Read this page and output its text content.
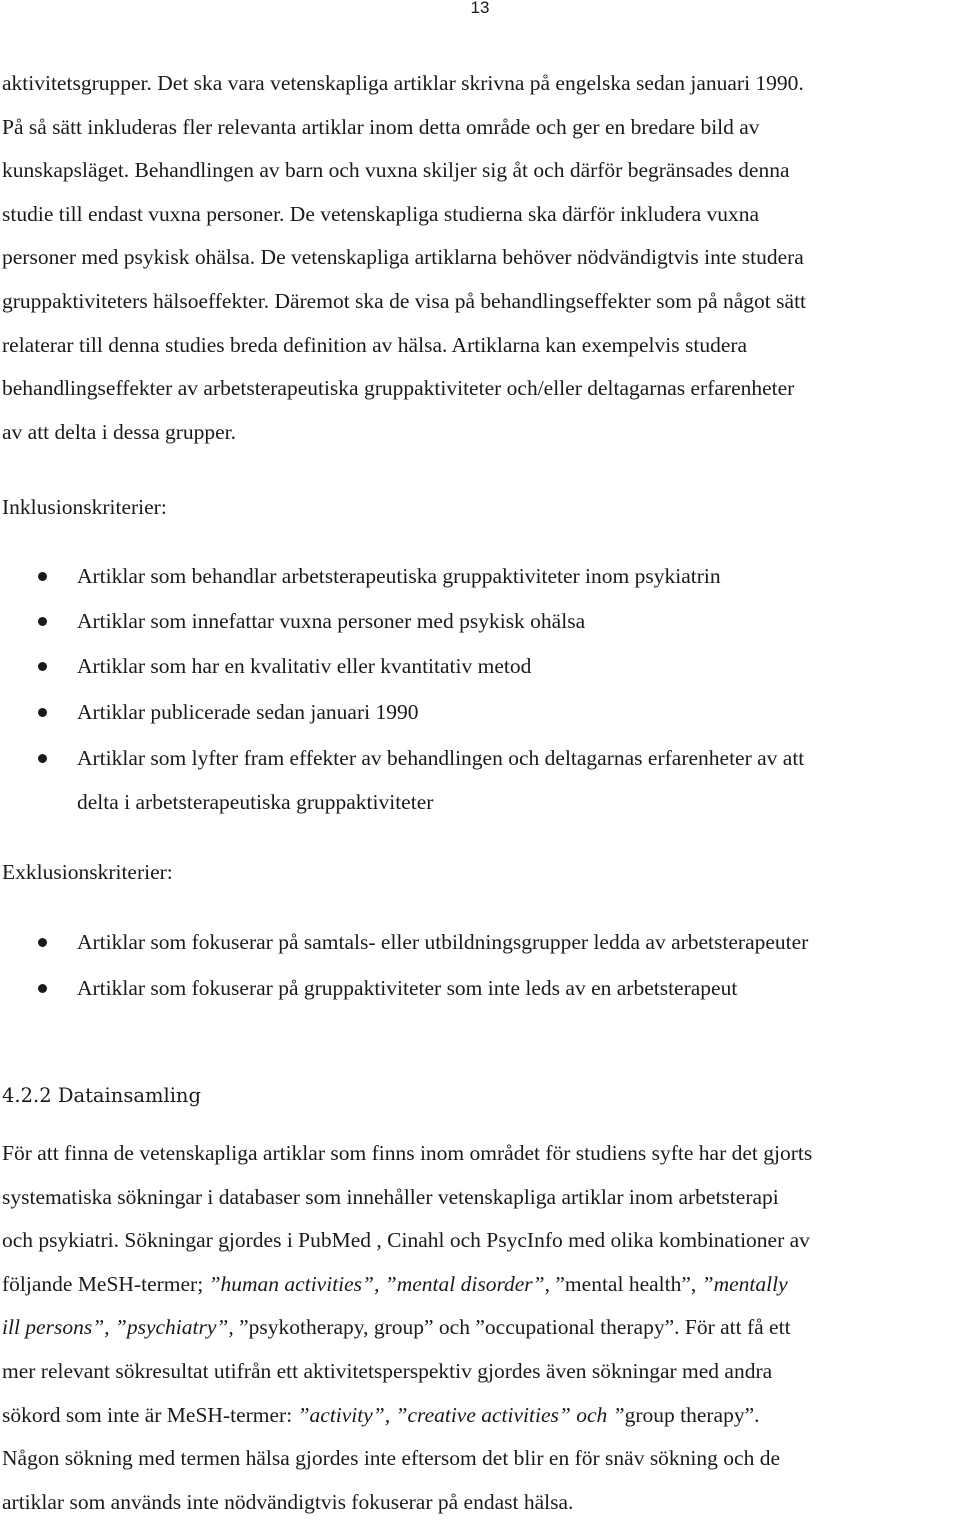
13

aktivitetsgrupper. Det ska vara vetenskapliga artiklar skrivna på engelska sedan januari 1990.
På så sätt inkluderas fler relevanta artiklar inom detta område och ger en bredare bild av
kunskapsläget. Behandlingen av barn och vuxna skiljer sig åt och därför begränsades denna
studie till endast vuxna personer. De vetenskapliga studierna ska därför inkludera vuxna
personer med psykisk ohälsa. De vetenskapliga artiklarna behöver nödvändigtvis inte studera
gruppaktiviteters hälsoeffekter. Däremot ska de visa på behandlingseffekter som på något sätt
relaterar till denna studies breda definition av hälsa. Artiklarna kan exempelvis studera
behandlingseffekter av arbetsterapeutiska gruppaktiviteter och/eller deltagarnas erfarenheter
av att delta i dessa grupper.

Inklusionskriterier:
Artiklar som behandlar arbetsterapeutiska gruppaktiviteter inom psykiatrin
Artiklar som innefattar vuxna personer med psykisk ohälsa
Artiklar som har en kvalitativ eller kvantitativ metod
Artiklar publicerade sedan januari 1990
Artiklar som lyfter fram effekter av behandlingen och deltagarnas erfarenheter av att
delta i arbetsterapeutiska gruppaktiviteter
Exklusionskriterier:
Artiklar som fokuserar på samtals- eller utbildningsgrupper ledda av arbetsterapeuter
Artiklar som fokuserar på gruppaktiviteter som inte leds av en arbetsterapeut
4.2.2 Datainsamling

För att finna de vetenskapliga artiklar som finns inom området för studiens syfte har det gjorts
systematiska sökningar i databaser som innehåller vetenskapliga artiklar inom arbetsterapi
och psykiatri. Sökningar gjordes i PubMed , Cinahl och PsycInfo med olika kombinationer av
följande MeSH-termer; ”human activities”, ”mental disorder”, ”mental health”, ”mentally
ill persons”, ”psychiatry”, ”psykotherapy, group” och ”occupational therapy”. För att få ett
mer relevant sökresultat utifrån ett aktivitetsperspektiv gjordes även sökningar med andra
sökord som inte är MeSH-termer: ”activity”, ”creative activities” och ”group therapy”.
Någon sökning med termen hälsa gjordes inte eftersom det blir en för snäv sökning och de
artiklar som används inte nödvändigtvis fokuserar på endast hälsa.
